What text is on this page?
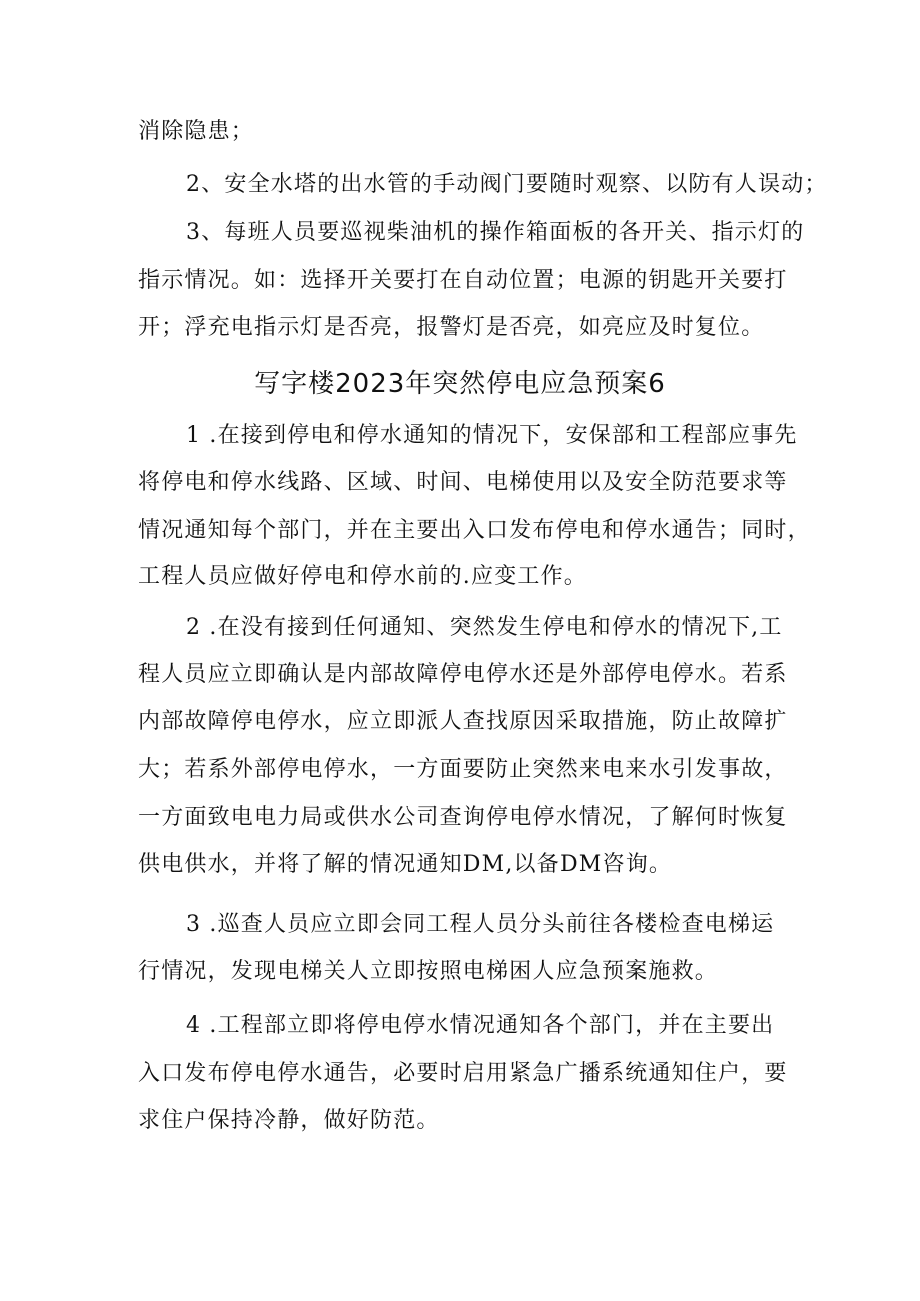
消除隐患；
2、安全水塔的出水管的手动阀门要随时观察、以防有人误动；
3、每班人员要巡视柴油机的操作箱面板的各开关、指示灯的
指示情况。如：选择开关要打在自动位置；电源的钥匙开关要打
开；浮充电指示灯是否亮，报警灯是否亮，如亮应及时复位。
写字楼2023年突然停电应急预案6
1 .在接到停电和停水通知的情况下，安保部和工程部应事先
将停电和停水线路、区域、时间、电梯使用以及安全防范要求等
情况通知每个部门，并在主要出入口发布停电和停水通告；同时，
工程人员应做好停电和停水前的.应变工作。
2 .在没有接到任何通知、突然发生停电和停水的情况下,工
程人员应立即确认是内部故障停电停水还是外部停电停水。若系
内部故障停电停水，应立即派人查找原因采取措施，防止故障扩
大；若系外部停电停水，一方面要防止突然来电来水引发事故，
一方面致电电力局或供水公司查询停电停水情况，了解何时恢复
供电供水，并将了解的情况通知DM,以备DM咨询。
3 .巡查人员应立即会同工程人员分头前往各楼检查电梯运
行情况，发现电梯关人立即按照电梯困人应急预案施救。
4 .工程部立即将停电停水情况通知各个部门，并在主要出
入口发布停电停水通告，必要时启用紧急广播系统通知住户，要
求住户保持冷静，做好防范。
